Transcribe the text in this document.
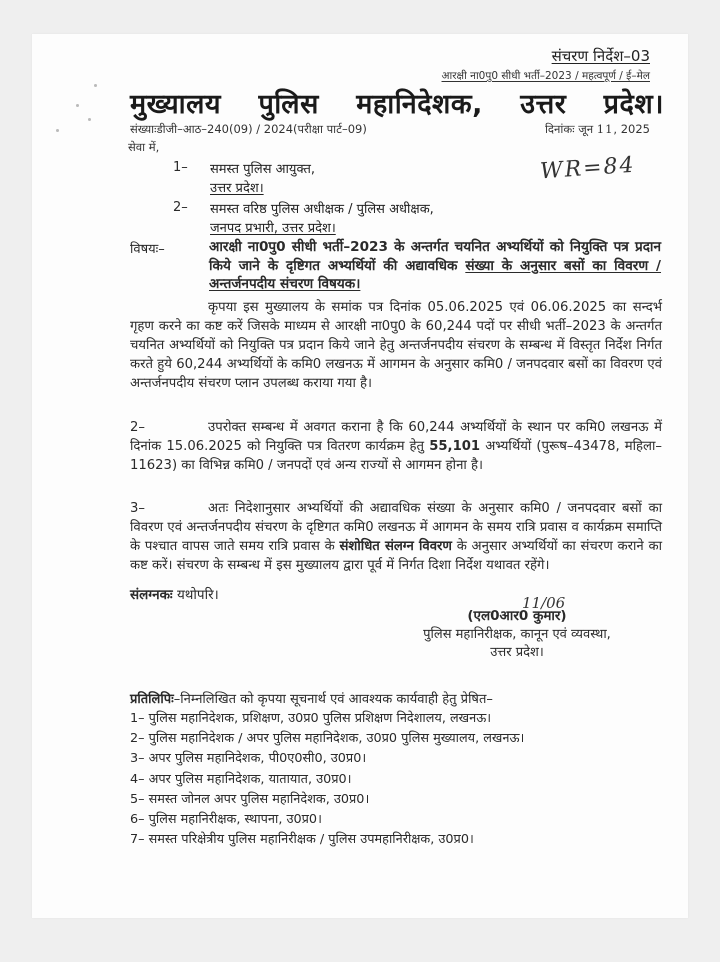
संचरण निर्देश–03
आरक्षी ना0पु0 सीधी भर्ती–2023 / महत्वपूर्ण / ई–मेल
मुख्यालय पुलिस महानिदेशक, उत्तर प्रदेश।
संख्याःडीजी–आठ–240(09) / 2024(परीक्षा पार्ट–09)	दिनांकः जून 11, 2025
सेवा में,
1– समस्त पुलिस आयुक्त,
उत्तर प्रदेश।
2– समस्त वरिष्ठ पुलिस अधीक्षक / पुलिस अधीक्षक,
जनपद प्रभारी, उत्तर प्रदेश।
WR=84
विषयः–	आरक्षी ना0पु0 सीधी भर्ती–2023 के अन्तर्गत चयनित अभ्यर्थियों को नियुक्ति पत्र प्रदान किये जाने के दृष्टिगत अभ्यर्थियों की अद्यावधिक संख्या के अनुसार बसों का विवरण / अन्तर्जनपदीय संचरण विषयक।
कृपया इस मुख्यालय के समांक पत्र दिनांक 05.06.2025 एवं 06.06.2025 का सन्दर्भ गृहण करने का कष्ट करें जिसके माध्यम से आरक्षी ना0पु0 के 60,244 पदों पर सीधी भर्ती–2023 के अन्तर्गत चयनित अभ्यर्थियों को नियुक्ति पत्र प्रदान किये जाने हेतु अन्तर्जनपदीय संचरण के सम्बन्ध में विस्तृत निर्देश निर्गत करते हुये 60,244 अभ्यर्थियों के कमि0 लखनऊ में आगमन के अनुसार कमि0 / जनपदवार बसों का विवरण एवं अन्तर्जनपदीय संचरण प्लान उपलब्ध कराया गया है।
2–	उपरोक्त सम्बन्ध में अवगत कराना है कि 60,244 अभ्यर्थियों के स्थान पर कमि0 लखनऊ में दिनांक 15.06.2025 को नियुक्ति पत्र वितरण कार्यक्रम हेतु 55,101 अभ्यर्थियों (पुरूष–43478, महिला–11623) का विभिन्न कमि0 / जनपदों एवं अन्य राज्यों से आगमन होना है।
3–	अतः निदेशानुसार अभ्यर्थियों की अद्यावधिक संख्या के अनुसार कमि0 / जनपदवार बसों का विवरण एवं अन्तर्जनपदीय संचरण के दृष्टिगत कमि0 लखनऊ में आगमन के समय रात्रि प्रवास व कार्यक्रम समाप्ति के पश्चात वापस जाते समय रात्रि प्रवास के संशोधित संलग्न विवरण के अनुसार अभ्यर्थियों का संचरण कराने का कष्ट करें। संचरण के सम्बन्ध में इस मुख्यालय द्वारा पूर्व में निर्गत दिशा निर्देश यथावत रहेंगे।
संलग्नकः यथोपरि।	11/06
(एल0आर0 कुमार)
पुलिस महानिरीक्षक, कानून एवं व्यवस्था,
उत्तर प्रदेश।
प्रतिलिपिः–निम्नलिखित को कृपया सूचनार्थ एवं आवश्यक कार्यवाही हेतु प्रेषित–
1– पुलिस महानिदेशक, प्रशिक्षण, उ0प्र0 पुलिस प्रशिक्षण निदेशालय, लखनऊ।
2– पुलिस महानिदेशक / अपर पुलिस महानिदेशक, उ0प्र0 पुलिस मुख्यालय, लखनऊ।
3– अपर पुलिस महानिदेशक, पी0ए0सी0, उ0प्र0।
4– अपर पुलिस महानिदेशक, यातायात, उ0प्र0।
5– समस्त जोनल अपर पुलिस महानिदेशक, उ0प्र0।
6– पुलिस महानिरीक्षक, स्थापना, उ0प्र0।
7– समस्त परिक्षेत्रीय पुलिस महानिरीक्षक / पुलिस उपमहानिरीक्षक, उ0प्र0।
